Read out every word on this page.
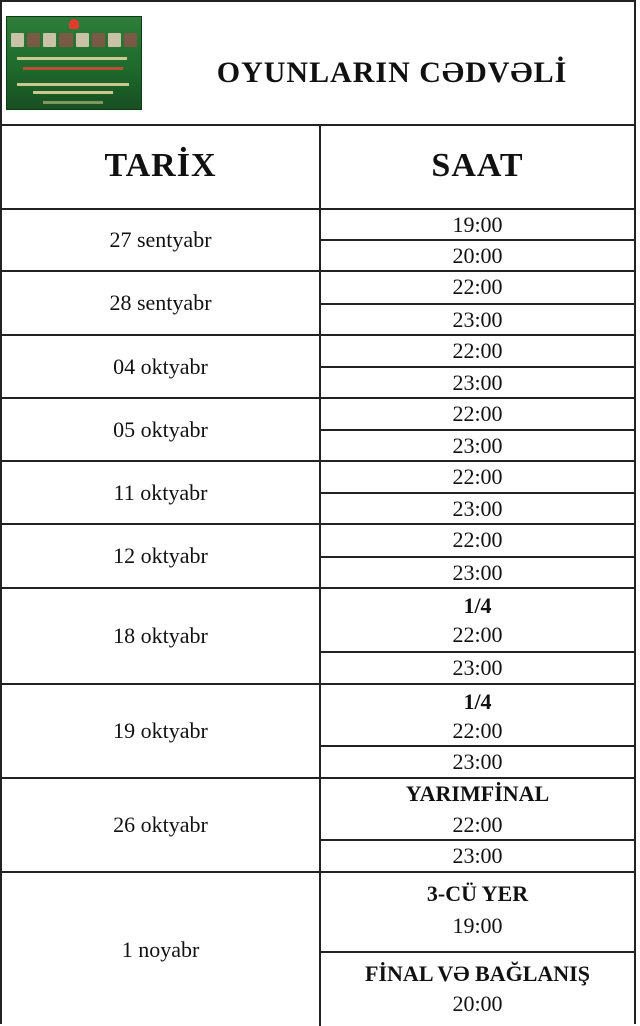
OYUNLARIN CƏDVƏLİ
TARİX	SAAT
27 sentyabr
19:00
20:00
28 sentyabr
22:00
23:00
04 oktyabr
22:00
23:00
05 oktyabr
22:00
23:00
11 oktyabr
22:00
23:00
12 oktyabr
22:00
23:00
18 oktyabr
1/4
22:00
23:00
19 oktyabr
1/4
22:00
23:00
26 oktyabr
YARIMFİNAL
22:00
23:00
1 noyabr
3-CÜ YER
19:00
FİNAL VƏ BAĞLANIŞ
20:00
